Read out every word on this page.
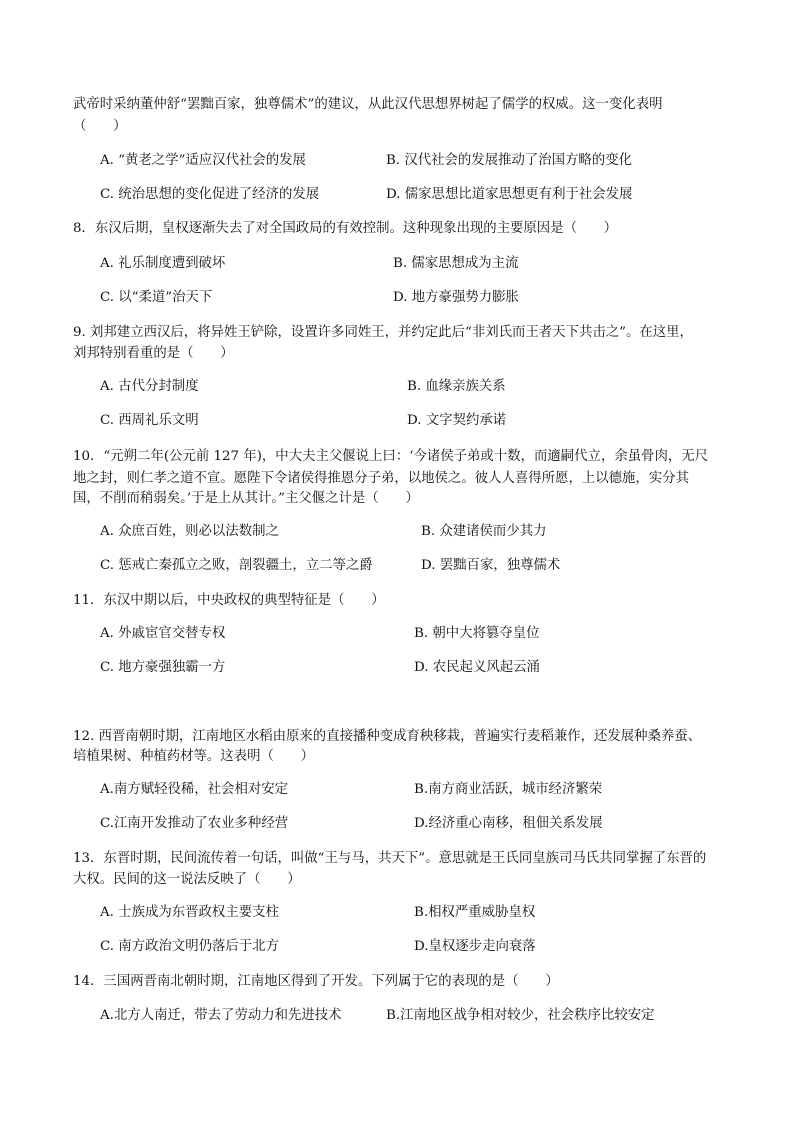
武帝时采纳董仲舒“罢黜百家，独尊儒术”的建议，从此汉代思想界树起了儒学的权威。这一变化表明
（　　）
8．东汉后期，皇权逐渐失去了对全国政局的有效控制。这种现象出现的主要原因是（　　）
9. 刘邦建立西汉后，将异姓王铲除，设置许多同姓王，并约定此后“非刘氏而王者天下共击之”。在这里，
刘邦特别看重的是（　　）
10．“元朔二年(公元前 127 年)，中大夫主父偃说上曰：‘今诸侯子弟或十数，而適嗣代立，余虽骨肉，无尺
地之封，则仁孝之道不宣。愿陛下令诸侯得推恩分子弟，以地侯之。彼人人喜得所愿，上以德施，实分其
国，不削而稍弱矣。’于是上从其计。”主父偃之计是（　　）
11．东汉中期以后，中央政权的典型特征是（　　）
12. 西晋南朝时期，江南地区水稻由原来的直接播种变成育秧移栽，普遍实行麦稻兼作，还发展种桑养蚕、
培植果树、种植药材等。这表明（　　）
13．东晋时期，民间流传着一句话，叫做“王与马，共天下”。意思就是王氏同皇族司马氏共同掌握了东晋的
大权。民间的这一说法反映了（　　）
14．三国两晋南北朝时期，江南地区得到了开发。下列属于它的表现的是（　　）
A. “黄老之学”适应汉代社会的发展	B. 汉代社会的发展推动了治国方略的变化
C. 统治思想的变化促进了经济的发展	D. 儒家思想比道家思想更有利于社会发展
A. 礼乐制度遭到破坏	B. 儒家思想成为主流
C. 以“柔道”治天下	D. 地方豪强势力膨胀
A. 古代分封制度	B. 血缘亲族关系
C. 西周礼乐文明	D. 文字契约承诺
A. 众庶百姓，则必以法数制之	B. 众建诸侯而少其力
C. 惩戒亡秦孤立之败，剖裂疆土，立二等之爵	D. 罢黜百家，独尊儒术
A. 外戚宦官交替专权	B. 朝中大将篡夺皇位
C. 地方豪强独霸一方	D. 农民起义风起云涌
A.南方赋轻役稀，社会相对安定	B.南方商业活跃，城市经济繁荣
C.江南开发推动了农业多种经营	D.经济重心南移，租佃关系发展
A. 士族成为东晋政权主要支柱	B.相权严重威胁皇权
C. 南方政治文明仍落后于北方	D.皇权逐步走向衰落
A.北方人南迁，带去了劳动力和先进技术	B.江南地区战争相对较少，社会秩序比较安定
